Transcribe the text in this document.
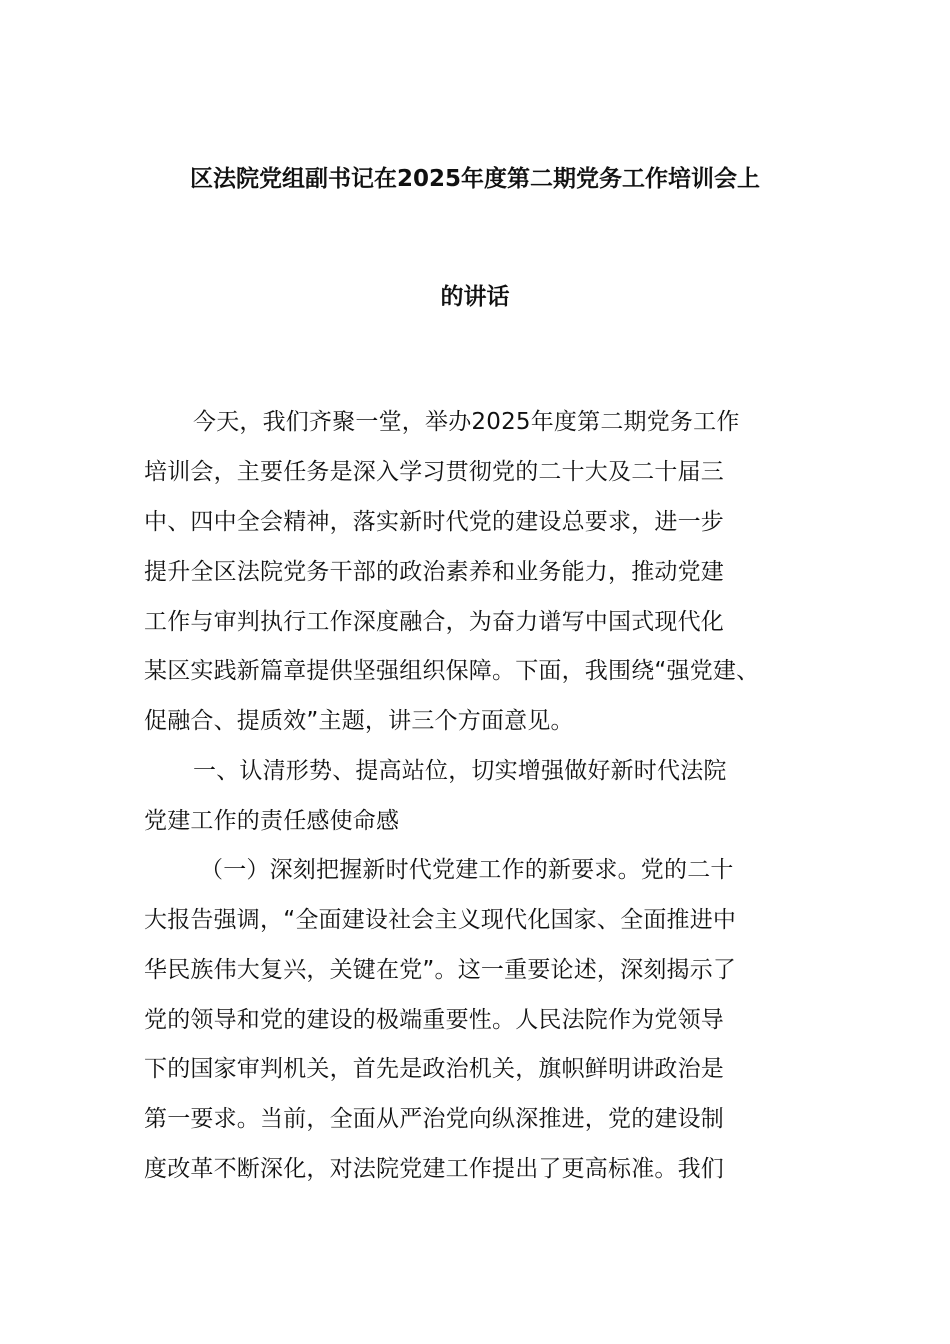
区法院党组副书记在2025年度第二期党务工作培训会上
的讲话
今天，我们齐聚一堂，举办2025年度第二期党务工作
培训会，主要任务是深入学习贯彻党的二十大及二十届三
中、四中全会精神，落实新时代党的建设总要求，进一步
提升全区法院党务干部的政治素养和业务能力，推动党建
工作与审判执行工作深度融合，为奋力谱写中国式现代化
某区实践新篇章提供坚强组织保障。下面，我围绕“强党建、
促融合、提质效”主题，讲三个方面意见。
一、认清形势、提高站位，切实增强做好新时代法院
党建工作的责任感使命感
（一）深刻把握新时代党建工作的新要求。党的二十
大报告强调，“全面建设社会主义现代化国家、全面推进中
华民族伟大复兴，关键在党”。这一重要论述，深刻揭示了
党的领导和党的建设的极端重要性。人民法院作为党领导
下的国家审判机关，首先是政治机关，旗帜鲜明讲政治是
第一要求。当前，全面从严治党向纵深推进，党的建设制
度改革不断深化，对法院党建工作提出了更高标准。我们
